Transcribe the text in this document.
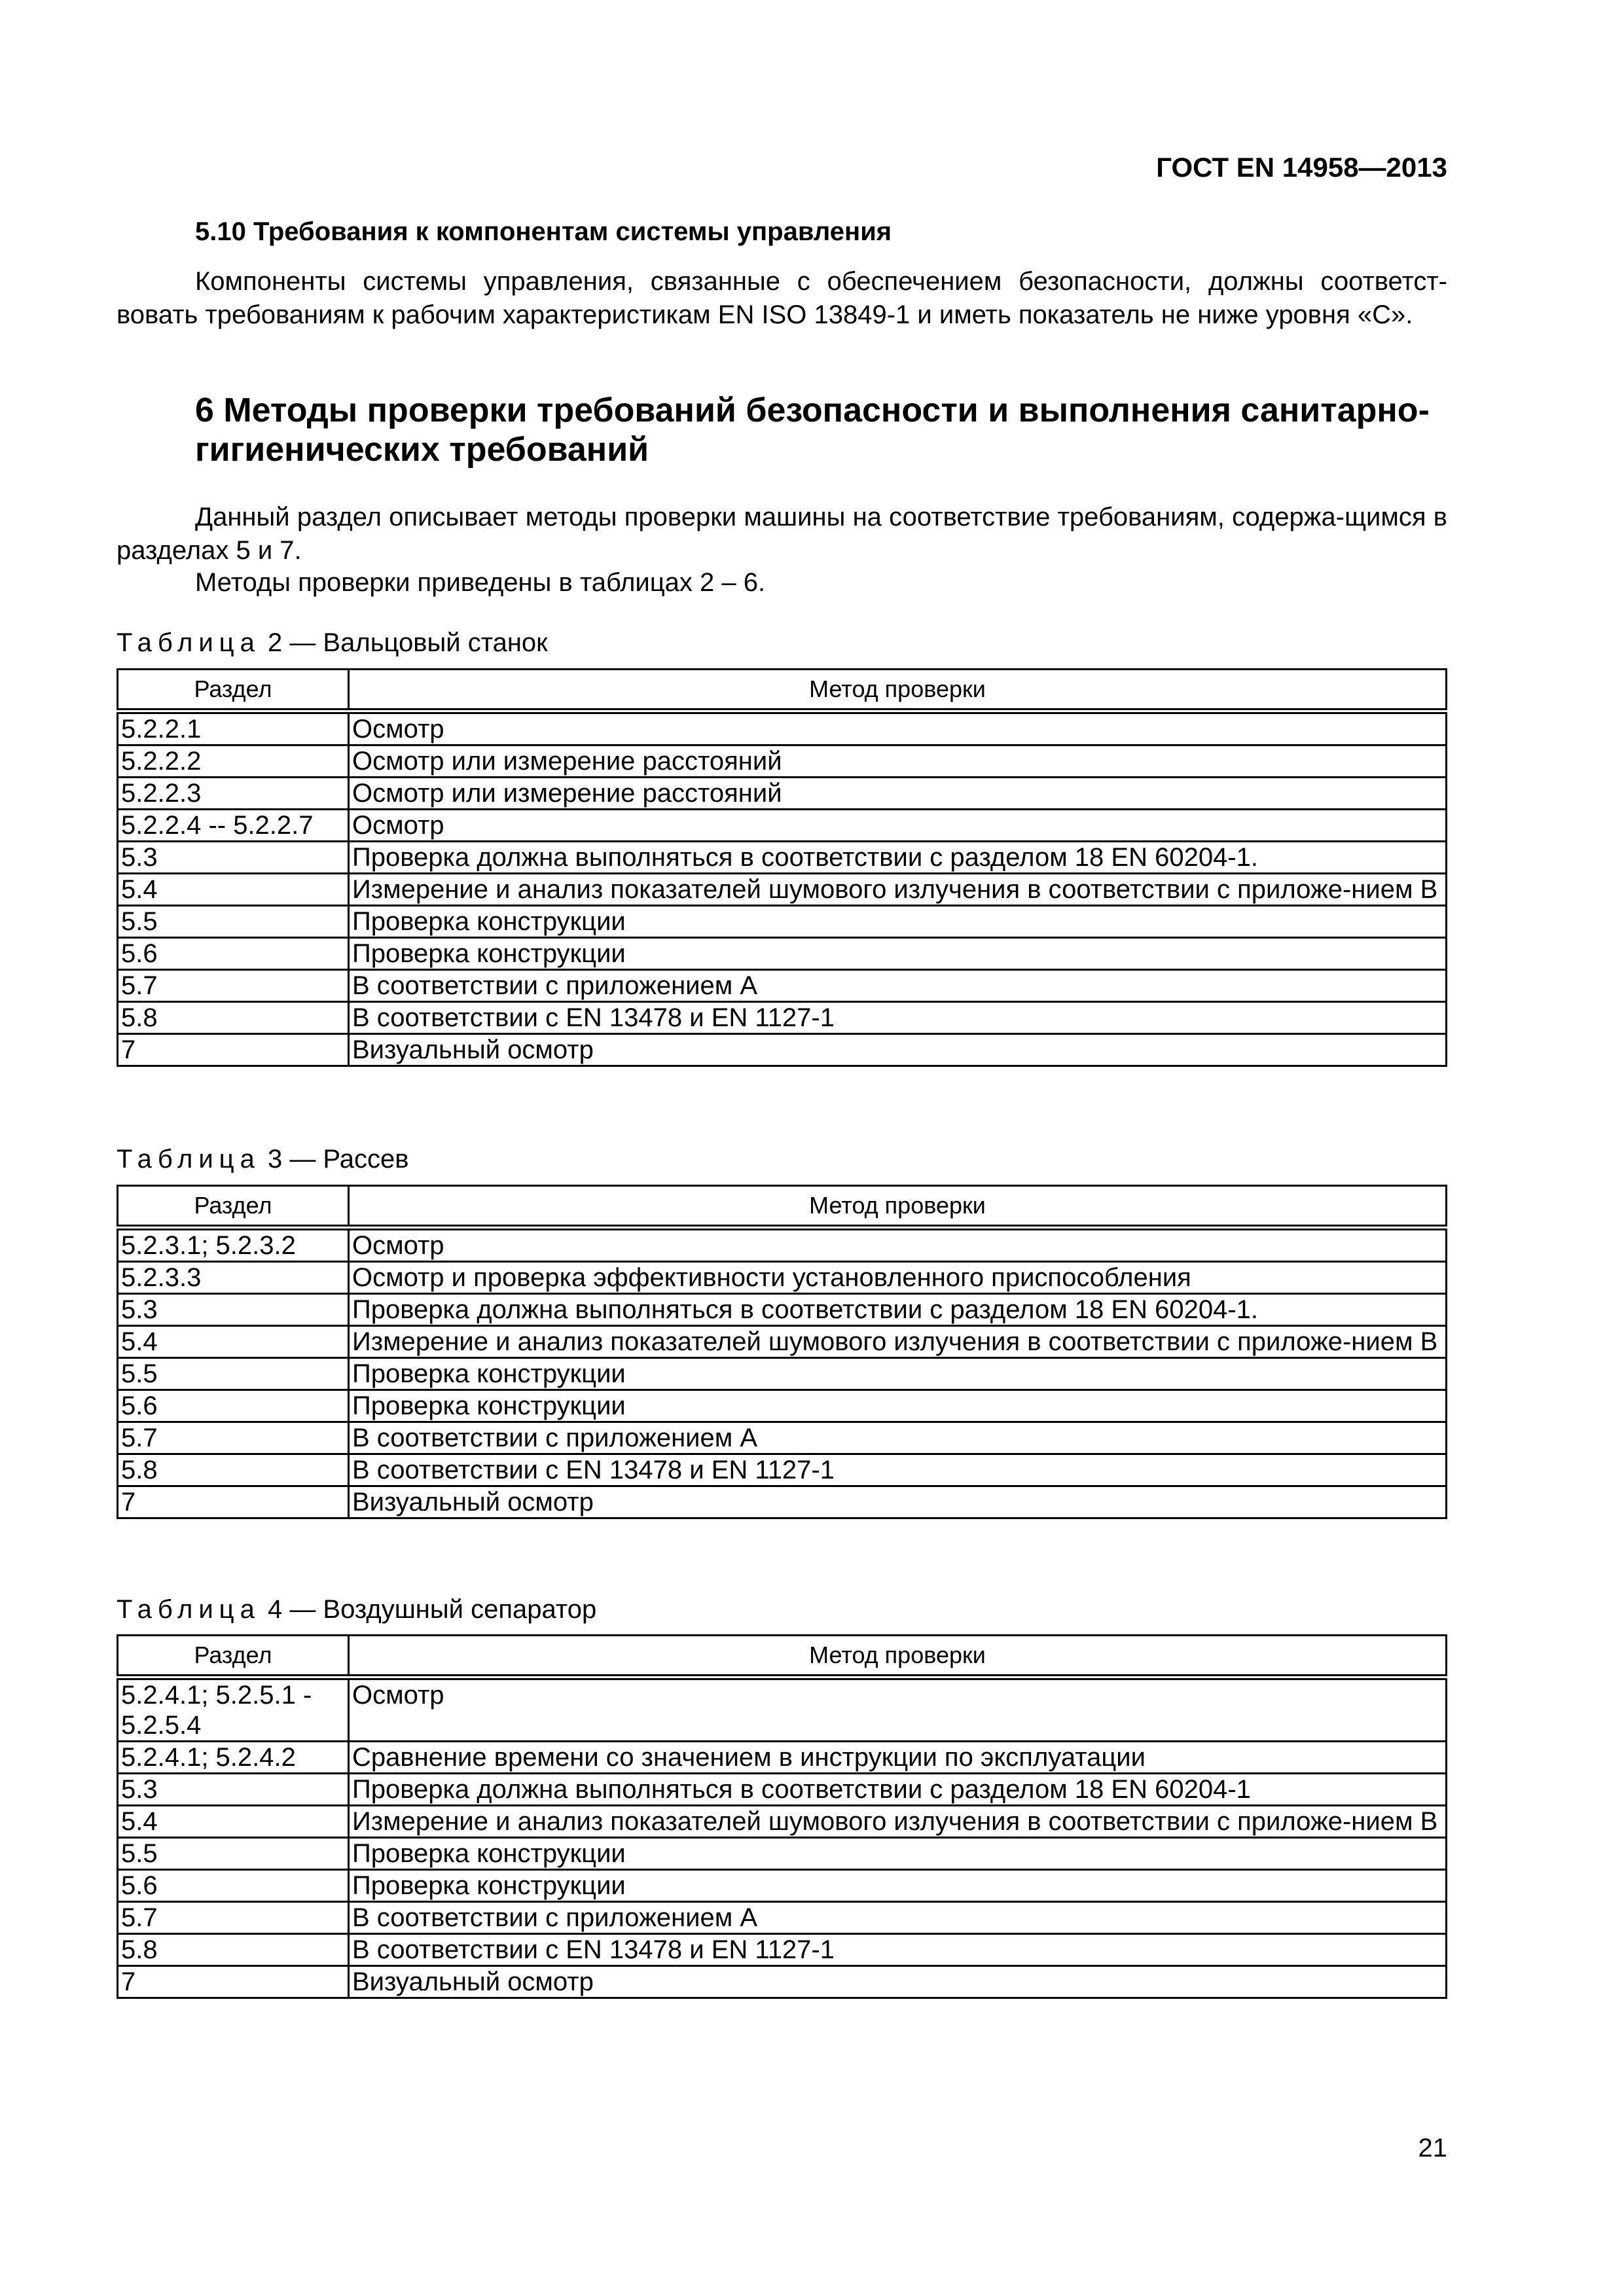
ГОСТ EN 14958—2013
5.10 Требования к компонентам системы управления
Компоненты системы управления, связанные с обеспечением безопасности, должны соответст-вовать требованиям к рабочим характеристикам EN ISO 13849-1 и иметь показатель не ниже уровня «С».
6 Методы проверки требований безопасности и выполнения санитарно-гигиенических требований
Данный раздел описывает методы проверки машины на соответствие требованиям, содержа-щимся в разделах 5 и 7.
Методы проверки приведены в таблицах 2 – 6.
Таблица 2 — Вальцовый станок
Раздел	Метод проверки
5.2.2.1	Осмотр
5.2.2.2	Осмотр или измерение расстояний
5.2.2.3	Осмотр или измерение расстояний
5.2.2.4 -- 5.2.2.7	Осмотр
5.3	Проверка должна выполняться в соответствии с разделом 18 EN 60204-1.
5.4	Измерение и анализ показателей шумового излучения в соответствии с приложе-нием В
5.5	Проверка конструкции
5.6	Проверка конструкции
5.7	В соответствии с приложением А
5.8	В соответствии с EN 13478 и EN 1127-1
7	Визуальный осмотр
Таблица 3 — Рассев
Раздел	Метод проверки
5.2.3.1; 5.2.3.2	Осмотр
5.2.3.3	Осмотр и проверка эффективности установленного приспособления
5.3	Проверка должна выполняться в соответствии с разделом 18 EN 60204-1.
5.4	Измерение и анализ показателей шумового излучения в соответствии с приложе-нием В
5.5	Проверка конструкции
5.6	Проверка конструкции
5.7	В соответствии с приложением А
5.8	В соответствии с EN 13478 и EN 1127-1
7	Визуальный осмотр
Таблица 4 — Воздушный сепаратор
Раздел	Метод проверки
5.2.4.1; 5.2.5.1 - 5.2.5.4	Осмотр
5.2.4.1; 5.2.4.2	Сравнение времени со значением в инструкции по эксплуатации
5.3	Проверка должна выполняться в соответствии с разделом 18 EN 60204-1
5.4	Измерение и анализ показателей шумового излучения в соответствии с приложе-нием В
5.5	Проверка конструкции
5.6	Проверка конструкции
5.7	В соответствии с приложением А
5.8	В соответствии с EN 13478 и EN 1127-1
7	Визуальный осмотр
21
